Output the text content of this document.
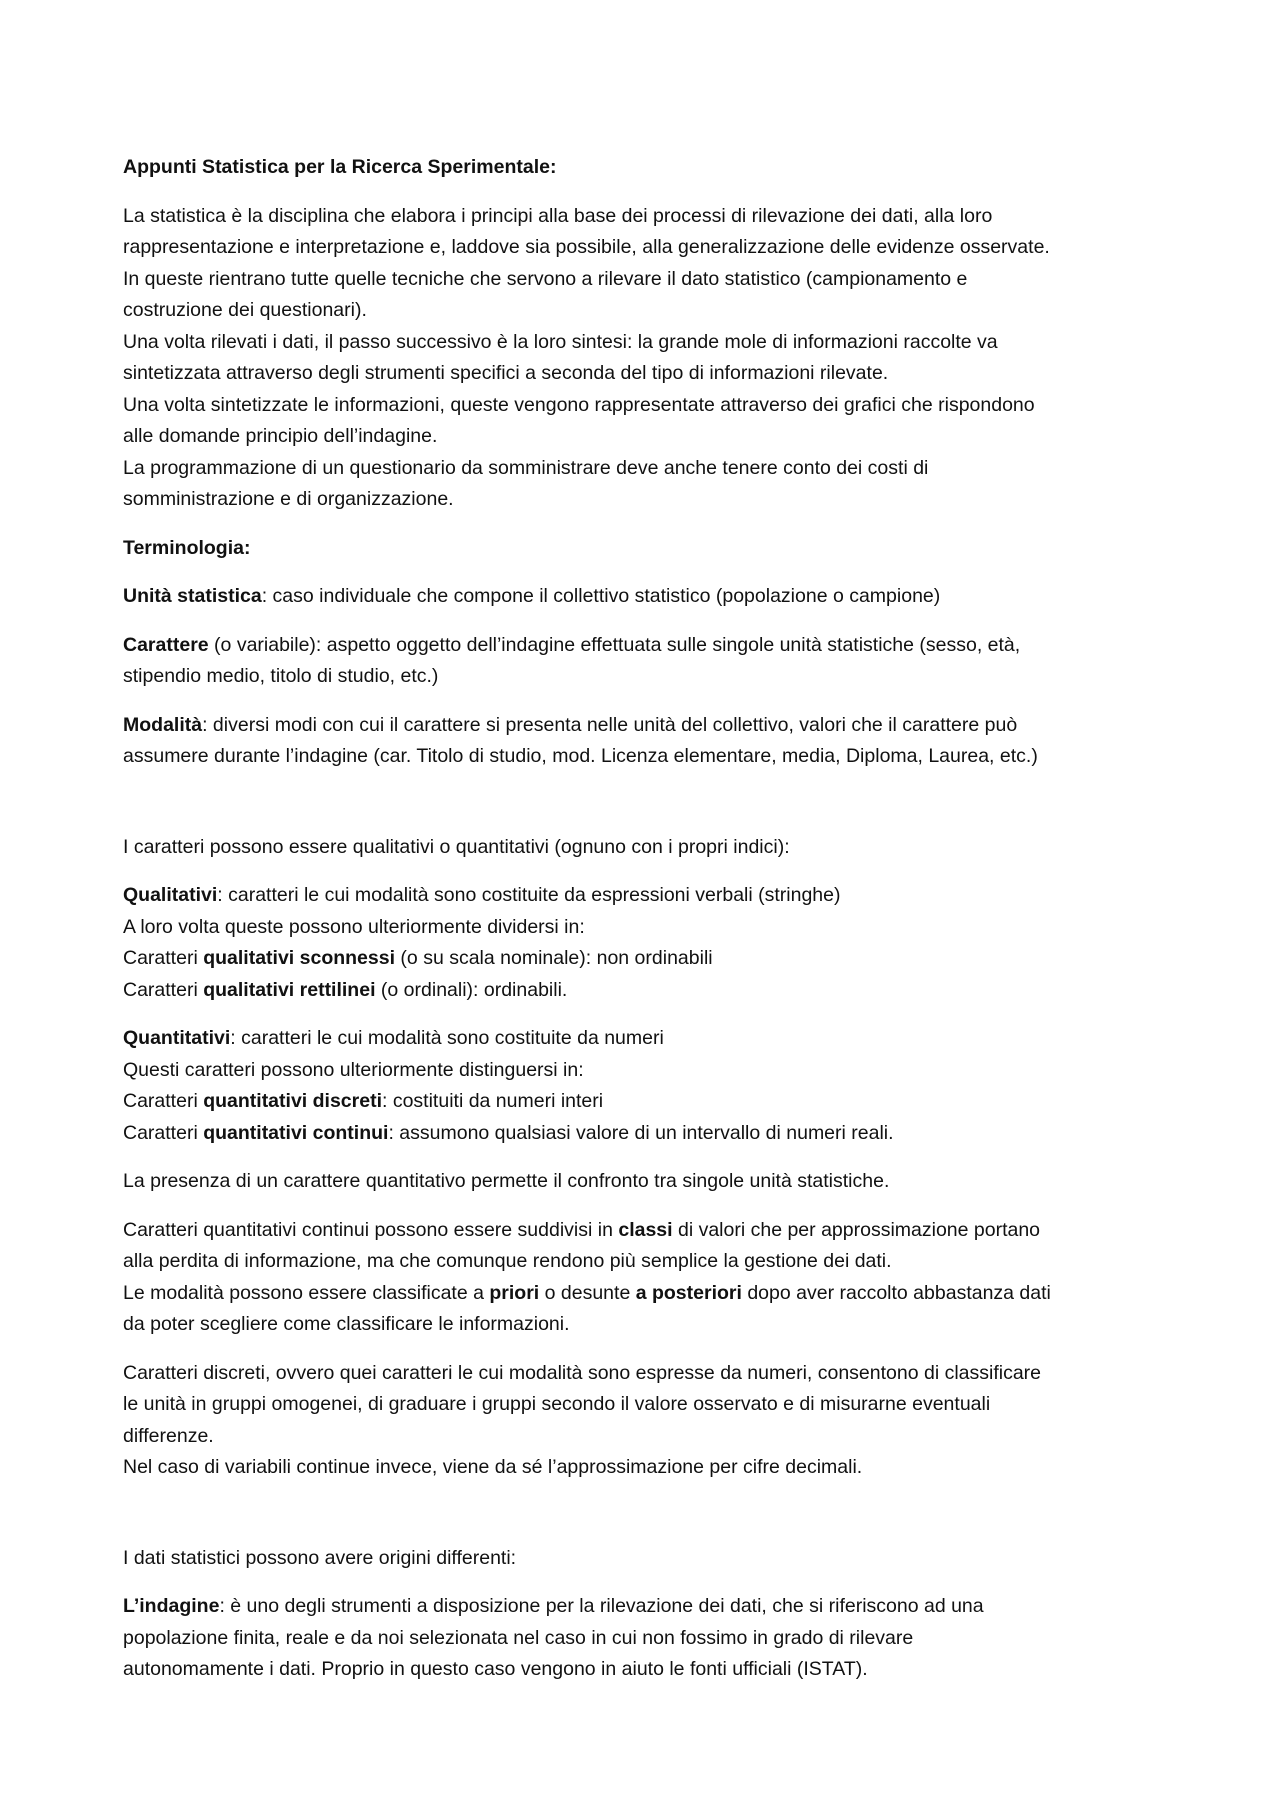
Appunti Statistica per la Ricerca Sperimentale:

La statistica è la disciplina che elabora i principi alla base dei processi di rilevazione dei dati, alla loro
rappresentazione e interpretazione e, laddove sia possibile, alla generalizzazione delle evidenze osservate.
In queste rientrano tutte quelle tecniche che servono a rilevare il dato statistico (campionamento e
costruzione dei questionari).
Una volta rilevati i dati, il passo successivo è la loro sintesi: la grande mole di informazioni raccolte va
sintetizzata attraverso degli strumenti specifici a seconda del tipo di informazioni rilevate.
Una volta sintetizzate le informazioni, queste vengono rappresentate attraverso dei grafici che rispondono
alle domande principio dell’indagine.
La programmazione di un questionario da somministrare deve anche tenere conto dei costi di
somministrazione e di organizzazione.

Terminologia:

Unità statistica: caso individuale che compone il collettivo statistico (popolazione o campione)

Carattere (o variabile): aspetto oggetto dell’indagine effettuata sulle singole unità statistiche (sesso, età,
stipendio medio, titolo di studio, etc.)

Modalità: diversi modi con cui il carattere si presenta nelle unità del collettivo, valori che il carattere può
assumere durante l’indagine (car. Titolo di studio, mod. Licenza elementare, media, Diploma, Laurea, etc.)

I caratteri possono essere qualitativi o quantitativi (ognuno con i propri indici):

Qualitativi: caratteri le cui modalità sono costituite da espressioni verbali (stringhe)
A loro volta queste possono ulteriormente dividersi in:
Caratteri qualitativi sconnessi (o su scala nominale): non ordinabili
Caratteri qualitativi rettilinei (o ordinali): ordinabili.

Quantitativi: caratteri le cui modalità sono costituite da numeri
Questi caratteri possono ulteriormente distinguersi in:
Caratteri quantitativi discreti: costituiti da numeri interi
Caratteri quantitativi continui: assumono qualsiasi valore di un intervallo di numeri reali.

La presenza di un carattere quantitativo permette il confronto tra singole unità statistiche.

Caratteri quantitativi continui possono essere suddivisi in classi di valori che per approssimazione portano
alla perdita di informazione, ma che comunque rendono più semplice la gestione dei dati.
Le modalità possono essere classificate a priori o desunte a posteriori dopo aver raccolto abbastanza dati
da poter scegliere come classificare le informazioni.

Caratteri discreti, ovvero quei caratteri le cui modalità sono espresse da numeri, consentono di classificare
le unità in gruppi omogenei, di graduare i gruppi secondo il valore osservato e di misurarne eventuali
differenze.
Nel caso di variabili continue invece, viene da sé l’approssimazione per cifre decimali.

I dati statistici possono avere origini differenti:

L’indagine: è uno degli strumenti a disposizione per la rilevazione dei dati, che si riferiscono ad una
popolazione finita, reale e da noi selezionata nel caso in cui non fossimo in grado di rilevare
autonomamente i dati. Proprio in questo caso vengono in aiuto le fonti ufficiali (ISTAT).
